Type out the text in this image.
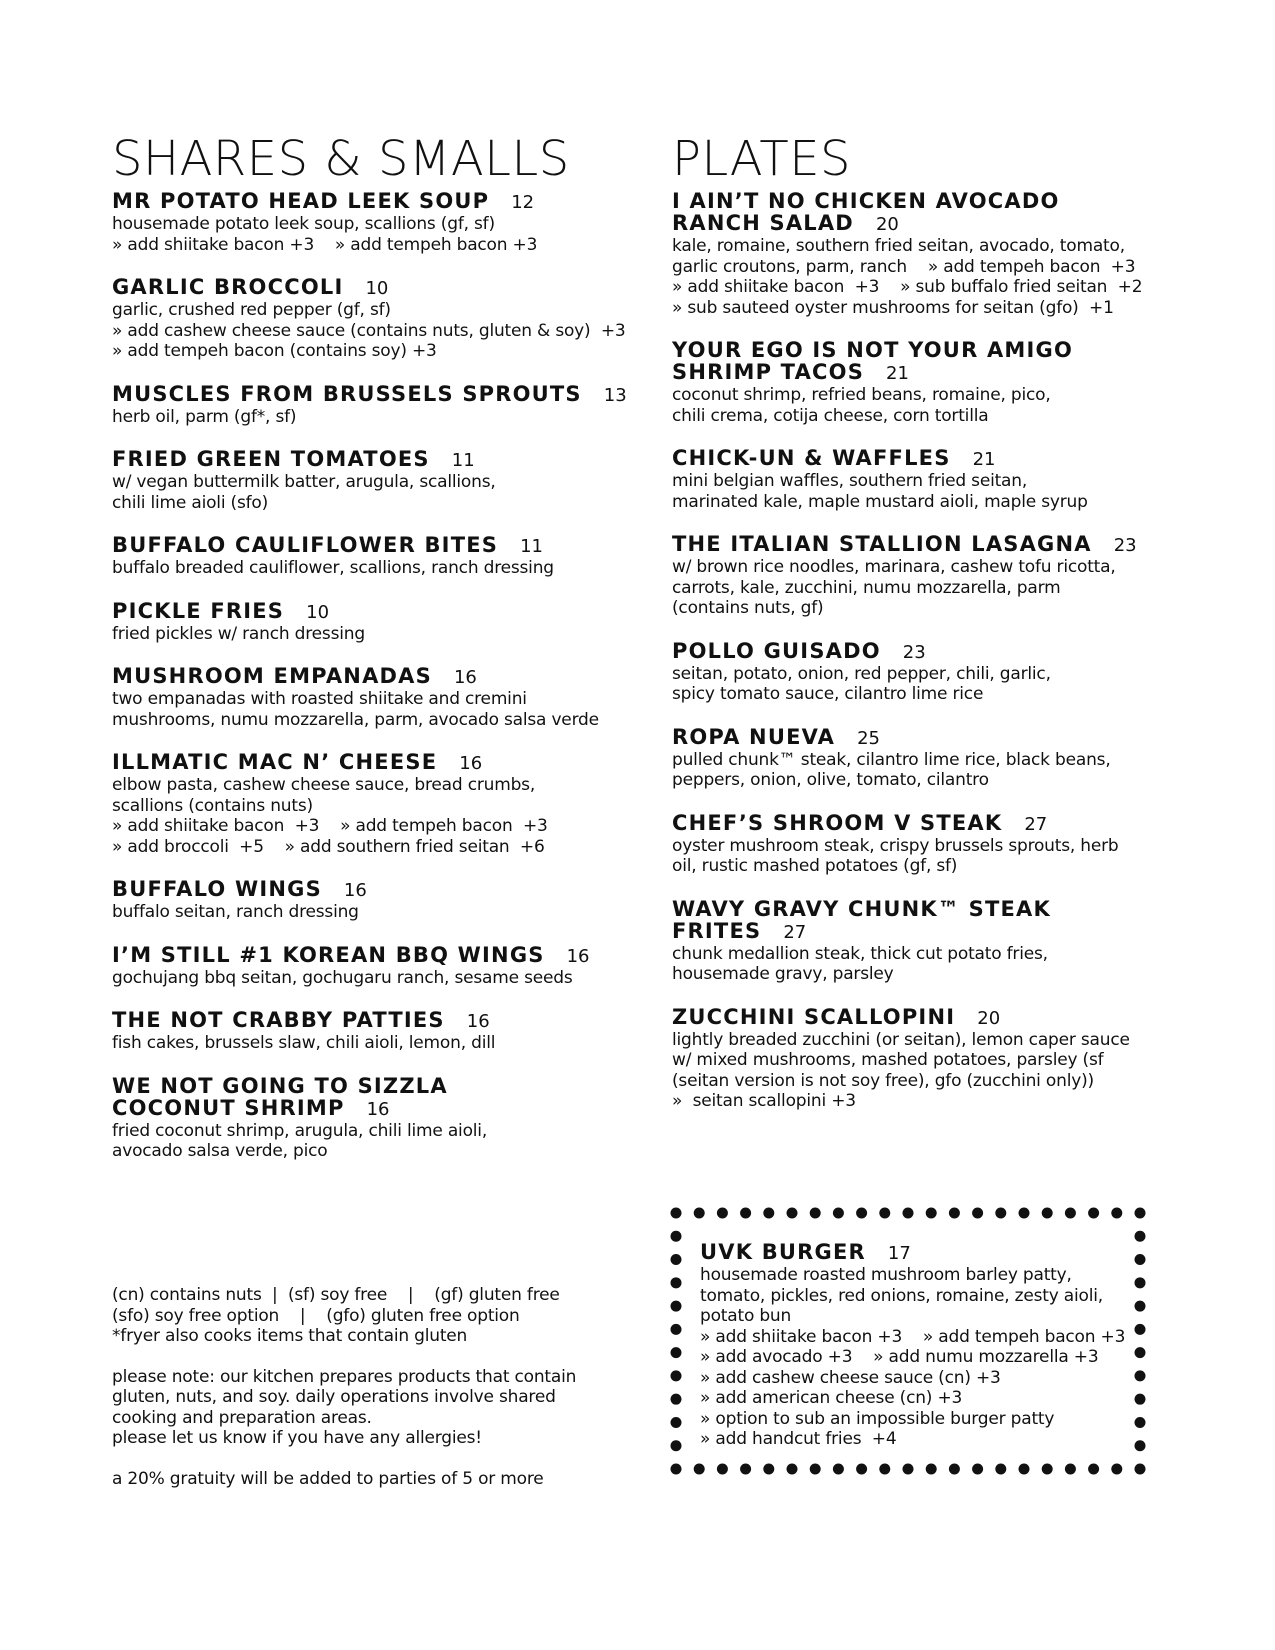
SHARES & SMALLS
MR POTATO HEAD LEEK SOUP 12
housemade potato leek soup, scallions (gf, sf)
» add shiitake bacon +3    » add tempeh bacon +3
GARLIC BROCCOLI 10
garlic, crushed red pepper (gf, sf)
» add cashew cheese sauce (contains nuts, gluten & soy)  +3
» add tempeh bacon (contains soy) +3
MUSCLES FROM BRUSSELS SPROUTS 13
herb oil, parm (gf*, sf)
FRIED GREEN TOMATOES 11
w/ vegan buttermilk batter, arugula, scallions,
chili lime aioli (sfo)
BUFFALO CAULIFLOWER BITES 11
buffalo breaded cauliflower, scallions, ranch dressing
PICKLE FRIES 10
fried pickles w/ ranch dressing
MUSHROOM EMPANADAS 16
two empanadas with roasted shiitake and cremini
mushrooms, numu mozzarella, parm, avocado salsa verde
ILLMATIC MAC N’ CHEESE 16
elbow pasta, cashew cheese sauce, bread crumbs,
scallions (contains nuts)
» add shiitake bacon  +3    » add tempeh bacon  +3
» add broccoli  +5    » add southern fried seitan  +6
BUFFALO WINGS 16
buffalo seitan, ranch dressing
I’M STILL #1 KOREAN BBQ WINGS 16
gochujang bbq seitan, gochugaru ranch, sesame seeds
THE NOT CRABBY PATTIES 16
fish cakes, brussels slaw, chili aioli, lemon, dill
WE NOT GOING TO SIZZLA
COCONUT SHRIMP 16
fried coconut shrimp, arugula, chili lime aioli,
avocado salsa verde, pico
PLATES
I AIN’T NO CHICKEN AVOCADO
RANCH SALAD 20
kale, romaine, southern fried seitan, avocado, tomato,
garlic croutons, parm, ranch    » add tempeh bacon  +3
» add shiitake bacon  +3    » sub buffalo fried seitan  +2
» sub sauteed oyster mushrooms for seitan (gfo)  +1
YOUR EGO IS NOT YOUR AMIGO
SHRIMP TACOS 21
coconut shrimp, refried beans, romaine, pico,
chili crema, cotija cheese, corn tortilla
CHICK-UN & WAFFLES 21
mini belgian waffles, southern fried seitan,
marinated kale, maple mustard aioli, maple syrup
THE ITALIAN STALLION LASAGNA 23
w/ brown rice noodles, marinara, cashew tofu ricotta,
carrots, kale, zucchini, numu mozzarella, parm
(contains nuts, gf)
POLLO GUISADO 23
seitan, potato, onion, red pepper, chili, garlic,
spicy tomato sauce, cilantro lime rice
ROPA NUEVA 25
pulled chunk™ steak, cilantro lime rice, black beans,
peppers, onion, olive, tomato, cilantro
CHEF’S SHROOM V STEAK 27
oyster mushroom steak, crispy brussels sprouts, herb
oil, rustic mashed potatoes (gf, sf)
WAVY GRAVY CHUNK™ STEAK FRITES 27
chunk medallion steak, thick cut potato fries,
housemade gravy, parsley
ZUCCHINI SCALLOPINI 20
lightly breaded zucchini (or seitan), lemon caper sauce
w/ mixed mushrooms, mashed potatoes, parsley (sf
(seitan version is not soy free), gfo (zucchini only))
»  seitan scallopini +3
(cn) contains nuts  |  (sf) soy free    |    (gf) gluten free
(sfo) soy free option    |    (gfo) gluten free option
*fryer also cooks items that contain gluten
please note: our kitchen prepares products that contain
gluten, nuts, and soy. daily operations involve shared
cooking and preparation areas.
please let us know if you have any allergies!
a 20% gratuity will be added to parties of 5 or more
UVK BURGER 17
housemade roasted mushroom barley patty,
tomato, pickles, red onions, romaine, zesty aioli,
potato bun
» add shiitake bacon +3    » add tempeh bacon +3
» add avocado +3    » add numu mozzarella +3
» add cashew cheese sauce (cn) +3
» add american cheese (cn) +3
» option to sub an impossible burger patty
» add handcut fries  +4
